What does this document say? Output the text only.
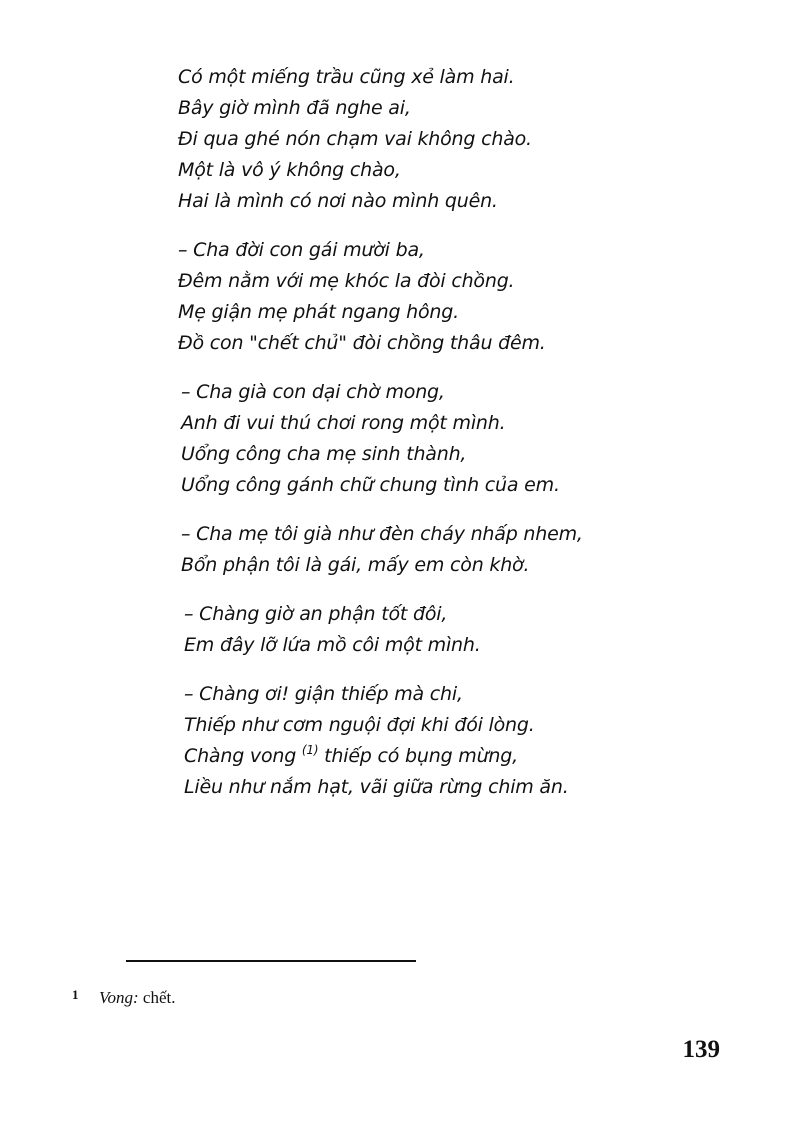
Có một miếng trầu cũng xẻ làm hai.
Bây giờ mình đã nghe ai,
Đi qua ghé nón chạm vai không chào.
Một là vô ý không chào,
Hai là mình có nơi nào mình quên.
– Cha đời con gái mười ba,
Đêm nằm với mẹ khóc la đòi chồng.
Mẹ giận mẹ phát ngang hông.
Đồ con "chết chủ" đòi chồng thâu đêm.
– Cha già con dại chờ mong,
Anh đi vui thú chơi rong một mình.
Uổng công cha mẹ sinh thành,
Uổng công gánh chữ chung tình của em.
– Cha mẹ tôi già như đèn cháy nhấp nhem,
Bổn phận tôi là gái, mấy em còn khờ.
– Chàng giờ an phận tốt đôi,
Em đây lỡ lứa mồ côi một mình.
– Chàng ơi! giận thiếp mà chi,
Thiếp như cơm nguội đợi khi đói lòng.
Chàng vong $^{(1)}$ thiếp có bụng mừng,
Liều như nắm hạt, vãi giữa rừng chim ăn.
1 Vong: chết.
139
